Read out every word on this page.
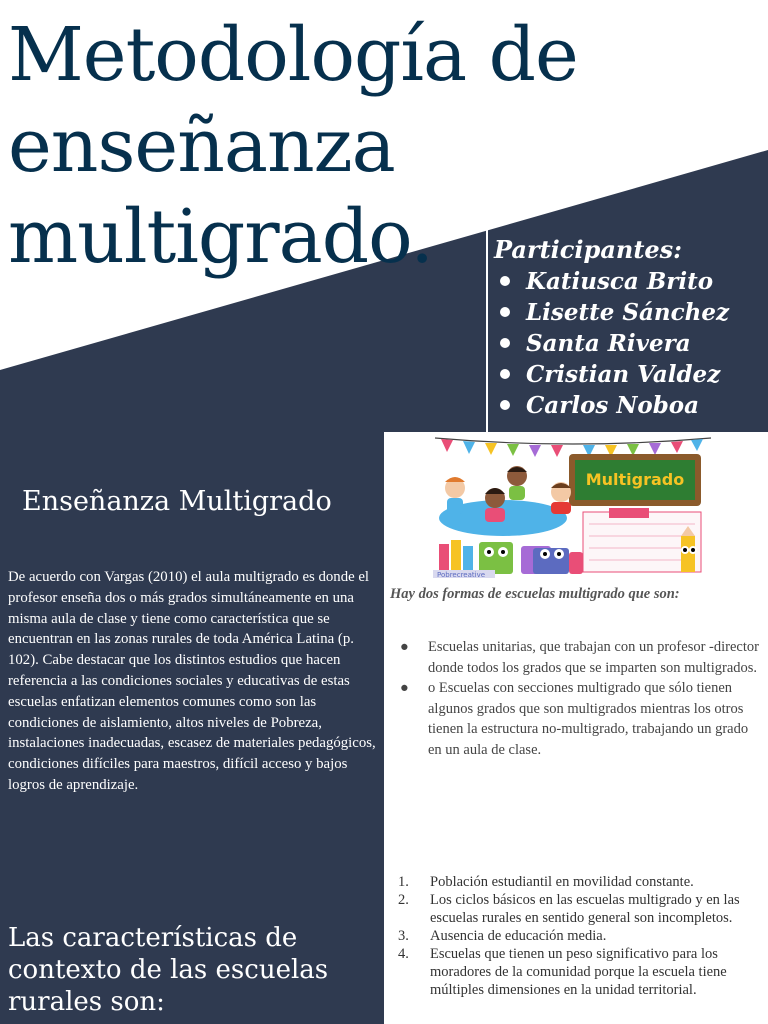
Metodología de enseñanza multigrado.	Participantes:

Katiusca Brito
Lisette Sánchez
Santa Rivera
Cristian Valdez
Carlos Noboa
Enseñanza Multigrado

De acuerdo con Vargas (2010) el aula multigrado es donde el profesor enseña dos o más grados simultáneamente en una misma aula de clase y tiene como característica que se encuentran en las zonas rurales de toda América Latina (p. 102). Cabe destacar que los distintos estudios que hacen referencia a las condiciones sociales y educativas de estas escuelas enfatizan elementos comunes como son las condiciones de aislamiento, altos niveles de Pobreza, instalaciones inadecuadas, escasez de materiales pedagógicos, condiciones difíciles para maestros, difícil acceso y bajos logros de aprendizaje.

Las características de contexto de las escuelas rurales son:
Multigrado
Pobrecreative

Hay dos formas de escuelas multigrado que son:

● Escuelas unitarias, que trabajan con un profesor -director donde todos los grados que se imparten son multigrados.
● o Escuelas con secciones multigrado que sólo tienen algunos grados que son multigrados mientras los otros tienen la estructura no-multigrado, trabajando un grado en un aula de clase.
1. Población estudiantil en movilidad constante.
2. Los ciclos básicos en las escuelas multigrado y en las escuelas rurales en sentido general son incompletos.
3. Ausencia de educación media.
4. Escuelas que tienen un peso significativo para los moradores de la comunidad porque la escuela tiene múltiples dimensiones en la unidad territorial.
